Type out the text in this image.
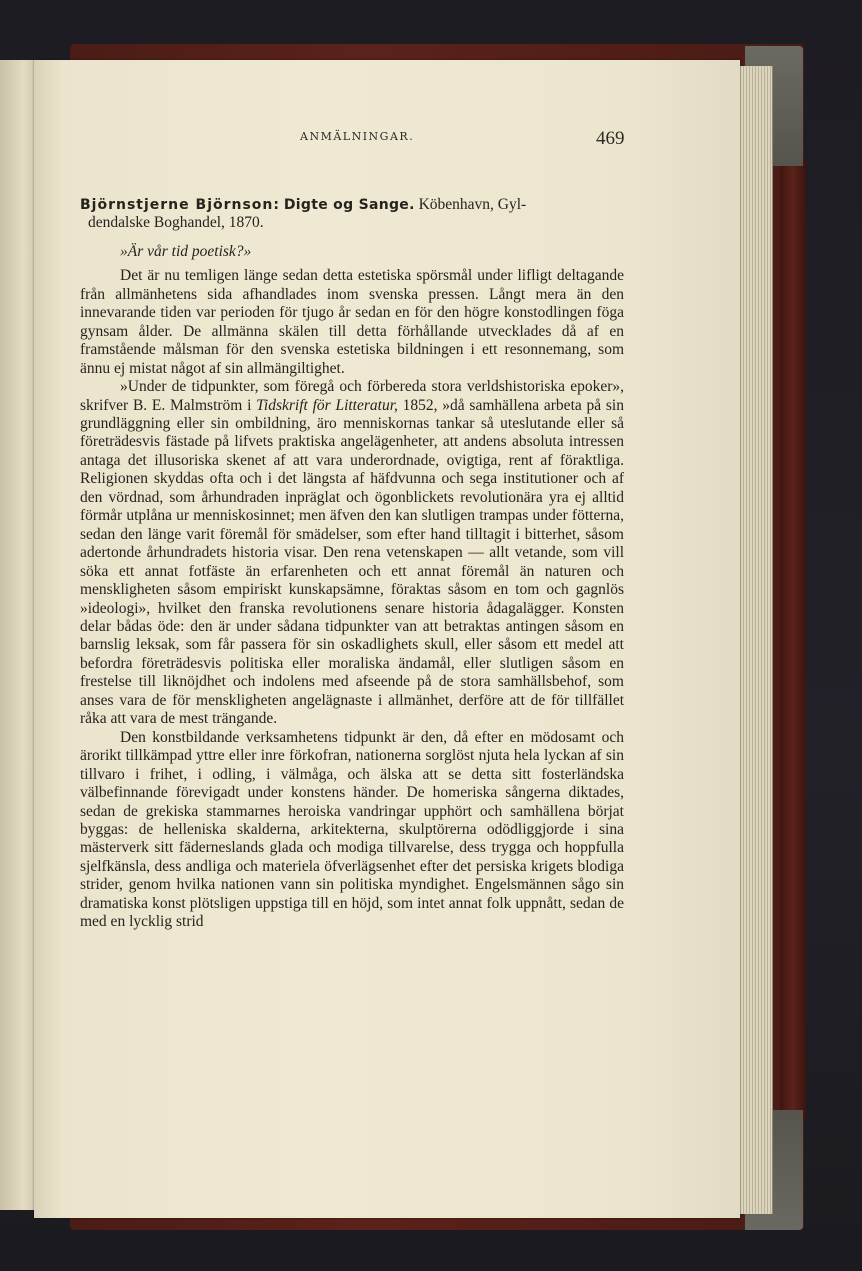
ANMÄLNINGAR.	469

Björnstjerne Björnson: Digte og Sange. Köbenhavn, Gyl-
dendalske Boghandel, 1870.

»Är vår tid poetisk?»

Det är nu temligen länge sedan detta estetiska spörsmål under lifligt deltagande från allmänhetens sida afhandlades inom svenska pressen. Långt mera än den innevarande tiden var perioden för tjugo år sedan en för den högre konstodlingen föga gynsam ålder. De allmänna skälen till detta förhållande utvecklades då af en framstående målsman för den svenska estetiska bildningen i ett resonnemang, som ännu ej mistat något af sin allmängiltighet.

»Under de tidpunkter, som föregå och förbereda stora verldshistoriska epoker», skrifver B. E. Malmström i Tidskrift för Litteratur, 1852, »då samhällena arbeta på sin grundläggning eller sin ombildning, äro menniskornas tankar så uteslutande eller så företrädesvis fästade på lifvets praktiska angelägenheter, att andens absoluta intressen antaga det illusoriska skenet af att vara underordnade, ovigtiga, rent af föraktliga. Religionen skyddas ofta och i det längsta af häfdvunna och sega institutioner och af den vördnad, som århundraden inpräglat och ögonblickets revolutionära yra ej alltid förmår utplåna ur menniskosinnet; men äfven den kan slutligen trampas under fötterna, sedan den länge varit föremål för smädelser, som efter hand tilltagit i bitterhet, såsom adertonde århundradets historia visar. Den rena vetenskapen — allt vetande, som vill söka ett annat fotfäste än erfarenheten och ett annat föremål än naturen och menskligheten såsom empiriskt kunskapsämne, föraktas såsom en tom och gagnlös »ideologi», hvilket den franska revolutionens senare historia ådagalägger. Konsten delar bådas öde: den är under sådana tidpunkter van att betraktas antingen såsom en barnslig leksak, som får passera för sin oskadlighets skull, eller såsom ett medel att befordra företrädesvis politiska eller moraliska ändamål, eller slutligen såsom en frestelse till liknöjdhet och indolens med afseende på de stora samhällsbehof, som anses vara de för menskligheten angelägnaste i allmänhet, derföre att de för tillfället råka att vara de mest trängande.

Den konstbildande verksamhetens tidpunkt är den, då efter en mödosamt och ärorikt tillkämpad yttre eller inre förkofran, nationerna sorglöst njuta hela lyckan af sin tillvaro i frihet, i odling, i välmåga, och älska att se detta sitt fosterländska välbefinnande förevigadt under konstens händer. De homeriska sångerna diktades, sedan de grekiska stammarnes heroiska vandringar upphört och samhällena börjat byggas: de helleniska skalderna, arkitekterna, skulptörerna odödliggjorde i sina mästerverk sitt fäderneslands glada och modiga tillvarelse, dess trygga och hoppfulla sjelfkänsla, dess andliga och materiela öfverlägsenhet efter det persiska krigets blodiga strider, genom hvilka nationen vann sin politiska myndighet. Engelsmännen sågo sin dramatiska konst plötsligen uppstiga till en höjd, som intet annat folk uppnått, sedan de med en lycklig strid
